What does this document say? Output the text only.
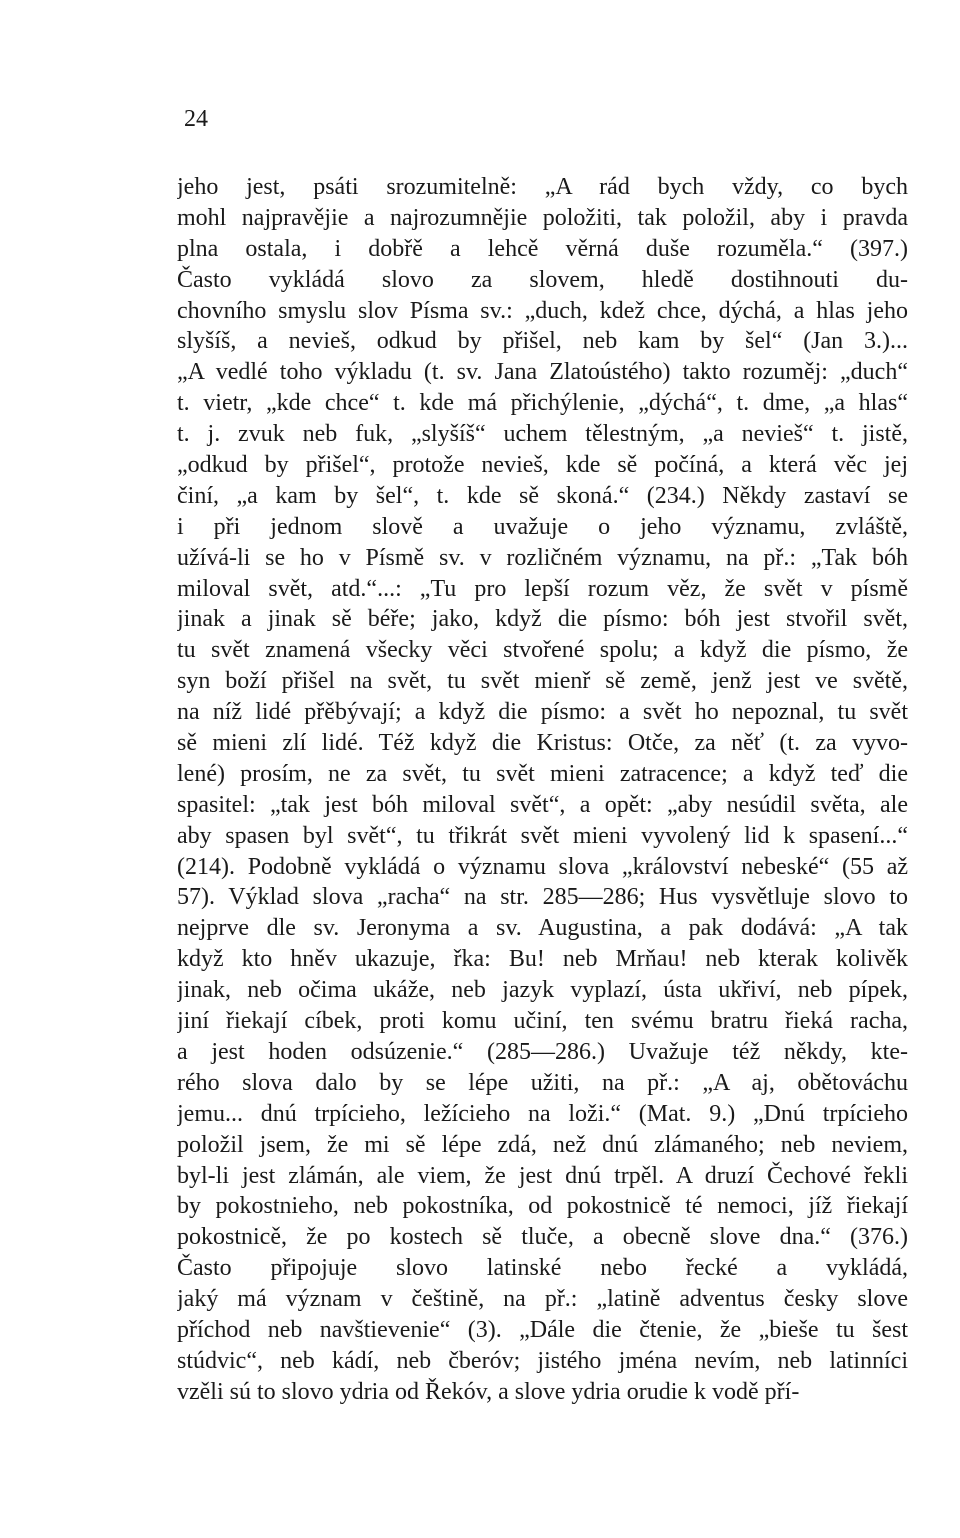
24
jeho jest, psáti srozumitelně: „A rád bych vždy, co bych
mohl najpravějie a najrozumnějie položiti, tak položil, aby i pravda
plna ostala, i dobřě a lehcě věrná duše rozuměla.“ (397.)
Často vykládá slovo za slovem, hledě dostihnouti du-
chovního smyslu slov Písma sv.: „duch, kdež chce, dýchá, a hlas jeho
slyšíš, a nevieš, odkud by přišel, neb kam by šel“ (Jan 3.)...
„A vedlé toho výkladu (t. sv. Jana Zlatoústého) takto rozuměj: „duch“
t. vietr, „kde chce“ t. kde má přichýlenie, „dýchá“, t. dme, „a hlas“
t. j. zvuk neb fuk, „slyšíš“ uchem tělestným, „a nevieš“ t. jistě,
„odkud by přišel“, protože nevieš, kde sě počíná, a která věc jej
činí, „a kam by šel“, t. kde sě skoná.“ (234.) Někdy zastaví se
i při jednom slově a uvažuje o jeho významu, zvláště,
užívá-li se ho v Písmě sv. v rozličném významu, na př.: „Tak bóh
miloval svět, atd.“...: „Tu pro lepší rozum věz, že svět v písmě
jinak a jinak sě béře; jako, když die písmo: bóh jest stvořil svět,
tu svět znamená všecky věci stvořené spolu; a když die písmo, že
syn boží přišel na svět, tu svět mienř sě země, jenž jest ve světě,
na níž lidé přěbývají; a když die písmo: a svět ho nepoznal, tu svět
sě mieni zlí lidé. Též když die Kristus: Otče, za něť (t. za vyvo-
lené) prosím, ne za svět, tu svět mieni zatracence; a když teď die
spasitel: „tak jest bóh miloval svět“, a opět: „aby nesúdil světa, ale
aby spasen byl svět“, tu třikrát svět mieni vyvolený lid k spasení...“
(214). Podobně vykládá o významu slova „království nebeské“ (55 až
57). Výklad slova „racha“ na str. 285—286; Hus vysvětluje slovo to
nejprve dle sv. Jeronyma a sv. Augustina, a pak dodává: „A tak
když kto hněv ukazuje, řka: Bu! neb Mrňau! neb kterak kolivěk
jinak, neb očima ukáže, neb jazyk vyplazí, ústa ukřiví, neb pípek,
jiní řiekají cíbek, proti komu učiní, ten svému bratru řieká racha,
a jest hoden odsúzenie.“ (285—286.) Uvažuje též někdy, kte-
rého slova dalo by se lépe užiti, na př.: „A aj, obětováchu
jemu... dnú trpícieho, ležícieho na loži.“ (Mat. 9.) „Dnú trpícieho
položil jsem, že mi sě lépe zdá, než dnú zlámaného; neb neviem,
byl-li jest zlámán, ale viem, že jest dnú trpěl. A druzí Čechové řekli
by pokostnieho, neb pokostníka, od pokostnicě té nemoci, jíž řiekají
pokostnicě, že po kostech sě tluče, a obecně slove dna.“ (376.)
Často připojuje slovo latinské nebo řecké a vykládá,
jaký má význam v češtině, na př.: „latině adventus česky slove
příchod neb navštievenie“ (3). „Dále die čtenie, že „bieše tu šest
stúdvic“, neb kádí, neb čberóv; jistého jména nevím, neb latinníci
vzěli sú to slovo ydria od Řekóv, a slove ydria orudie k vodě pří-
